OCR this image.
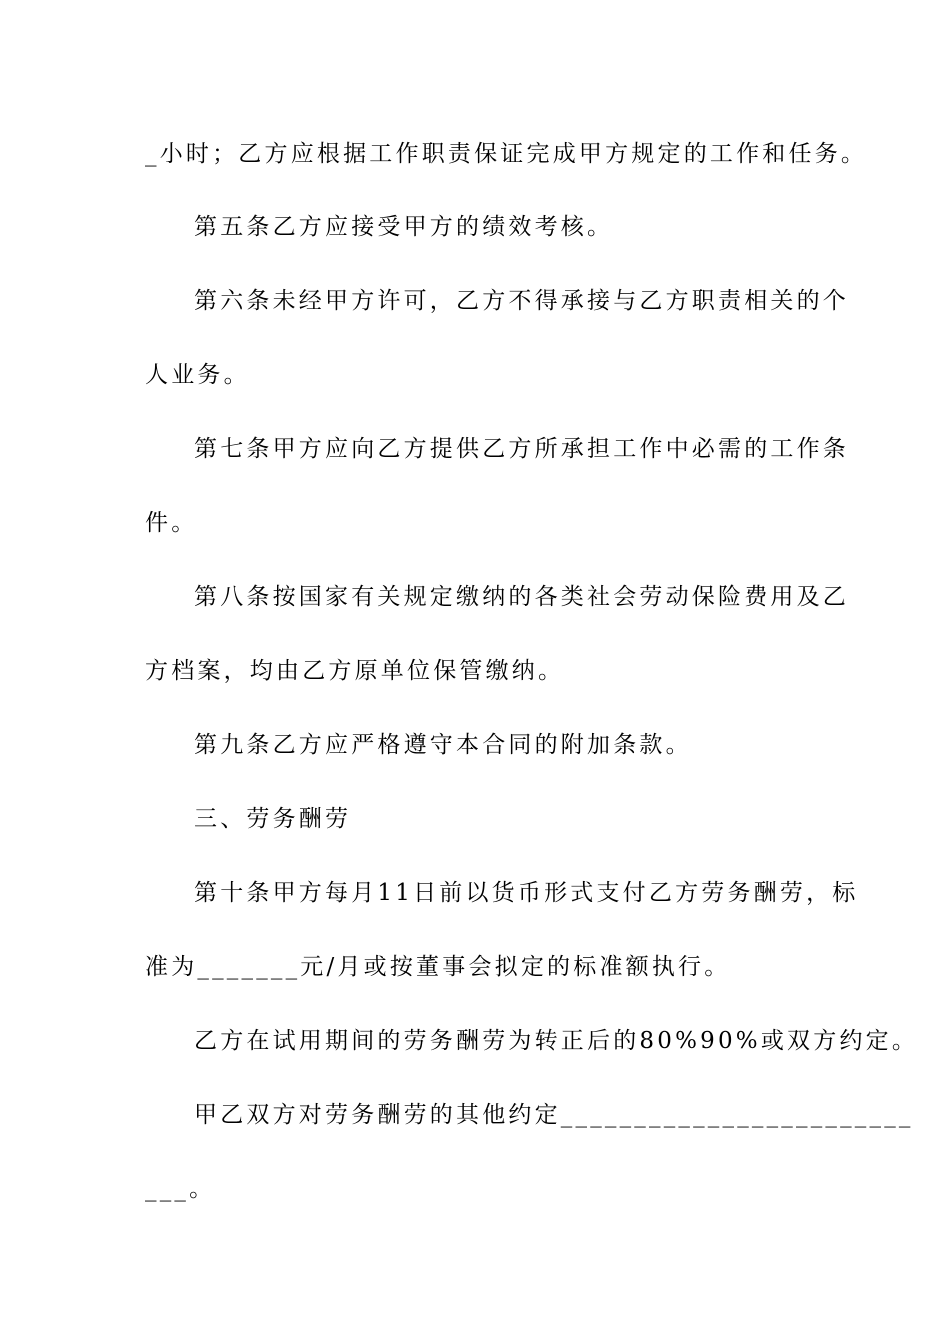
_小时；乙方应根据工作职责保证完成甲方规定的工作和任务。
第五条乙方应接受甲方的绩效考核。
第六条未经甲方许可，乙方不得承接与乙方职责相关的个
人业务。
第七条甲方应向乙方提供乙方所承担工作中必需的工作条
件。
第八条按国家有关规定缴纳的各类社会劳动保险费用及乙
方档案，均由乙方原单位保管缴纳。
第九条乙方应严格遵守本合同的附加条款。
三、劳务酬劳
第十条甲方每月11日前以货币形式支付乙方劳务酬劳，标
准为_______元/月或按董事会拟定的标准额执行。
乙方在试用期间的劳务酬劳为转正后的80%90%或双方约定。
甲乙双方对劳务酬劳的其他约定________________________
___。
